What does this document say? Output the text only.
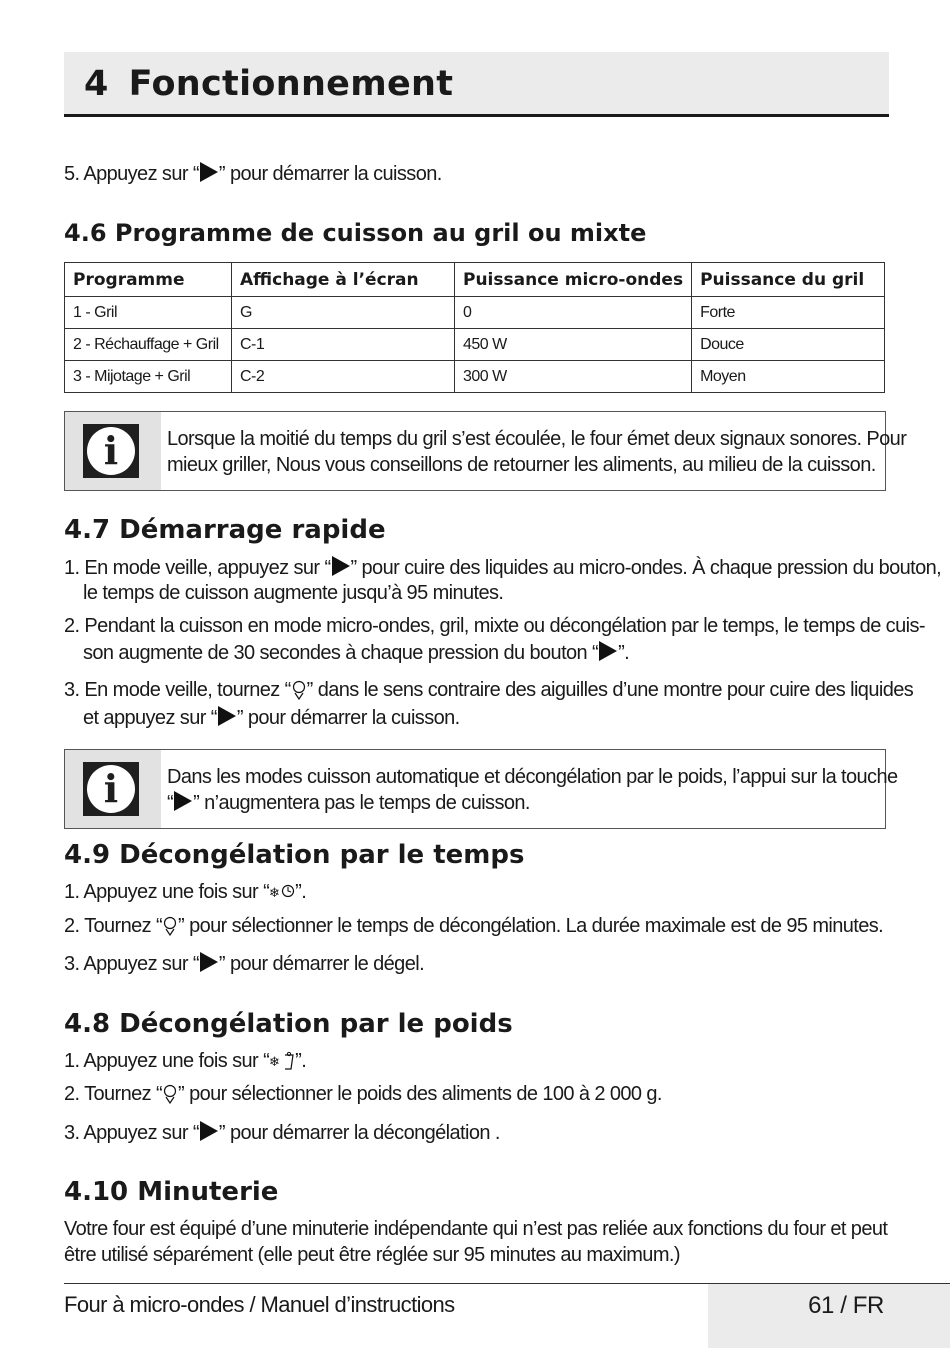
4 Fonctionnement
5. Appuyez sur “ ” pour démarrer la cuisson.
4.6 Programme de cuisson au gril ou mixte
Programme	Affichage à l’écran	Puissance micro-ondes	Puissance du gril
1 - Gril	G	0	Forte
2 - Réchauffage + Gril	C-1	450 W	Douce
3 - Mijotage + Gril	C-2	300 W	Moyen
i	Lorsque la moitié du temps du gril s’est écoulée, le four émet deux signaux sonores. Pour
mieux griller, Nous vous conseillons de retourner les aliments, au milieu de la cuisson.
4.7 Démarrage rapide
1. En mode veille, appuyez sur “ ” pour cuire des liquides au micro-ondes. À chaque pression du bouton,
le temps de cuisson augmente jusqu’à 95 minutes.
2. Pendant la cuisson en mode micro-ondes, gril, mixte ou décongélation par le temps, le temps de cuis-
son augmente de 30 secondes à chaque pression du bouton “ ”.
3. En mode veille, tournez “ ” dans le sens contraire des aiguilles d’une montre pour cuire des liquides
et appuyez sur “ ” pour démarrer la cuisson.
i	Dans les modes cuisson automatique et décongélation par le poids, l’appui sur la touche
“ ” n’augmentera pas le temps de cuisson.
4.9 Décongélation par le temps
1. Appuyez une fois sur “ ❄ ”.
2. Tournez “ ” pour sélectionner le temps de décongélation. La durée maximale est de 95 minutes.
3. Appuyez sur “ ” pour démarrer le dégel.
4.8 Décongélation par le poids
1. Appuyez une fois sur “ ❄ ”.
2. Tournez “ ” pour sélectionner le poids des aliments de 100 à 2 000 g.
3. Appuyez sur “ ” pour démarrer la décongélation .
4.10 Minuterie
Votre four est équipé d’une minuterie indépendante qui n’est pas reliée aux fonctions du four et peut
être utilisé séparément (elle peut être réglée sur 95 minutes au maximum.)
Four à micro-ondes / Manuel d’instructions	61 / FR
